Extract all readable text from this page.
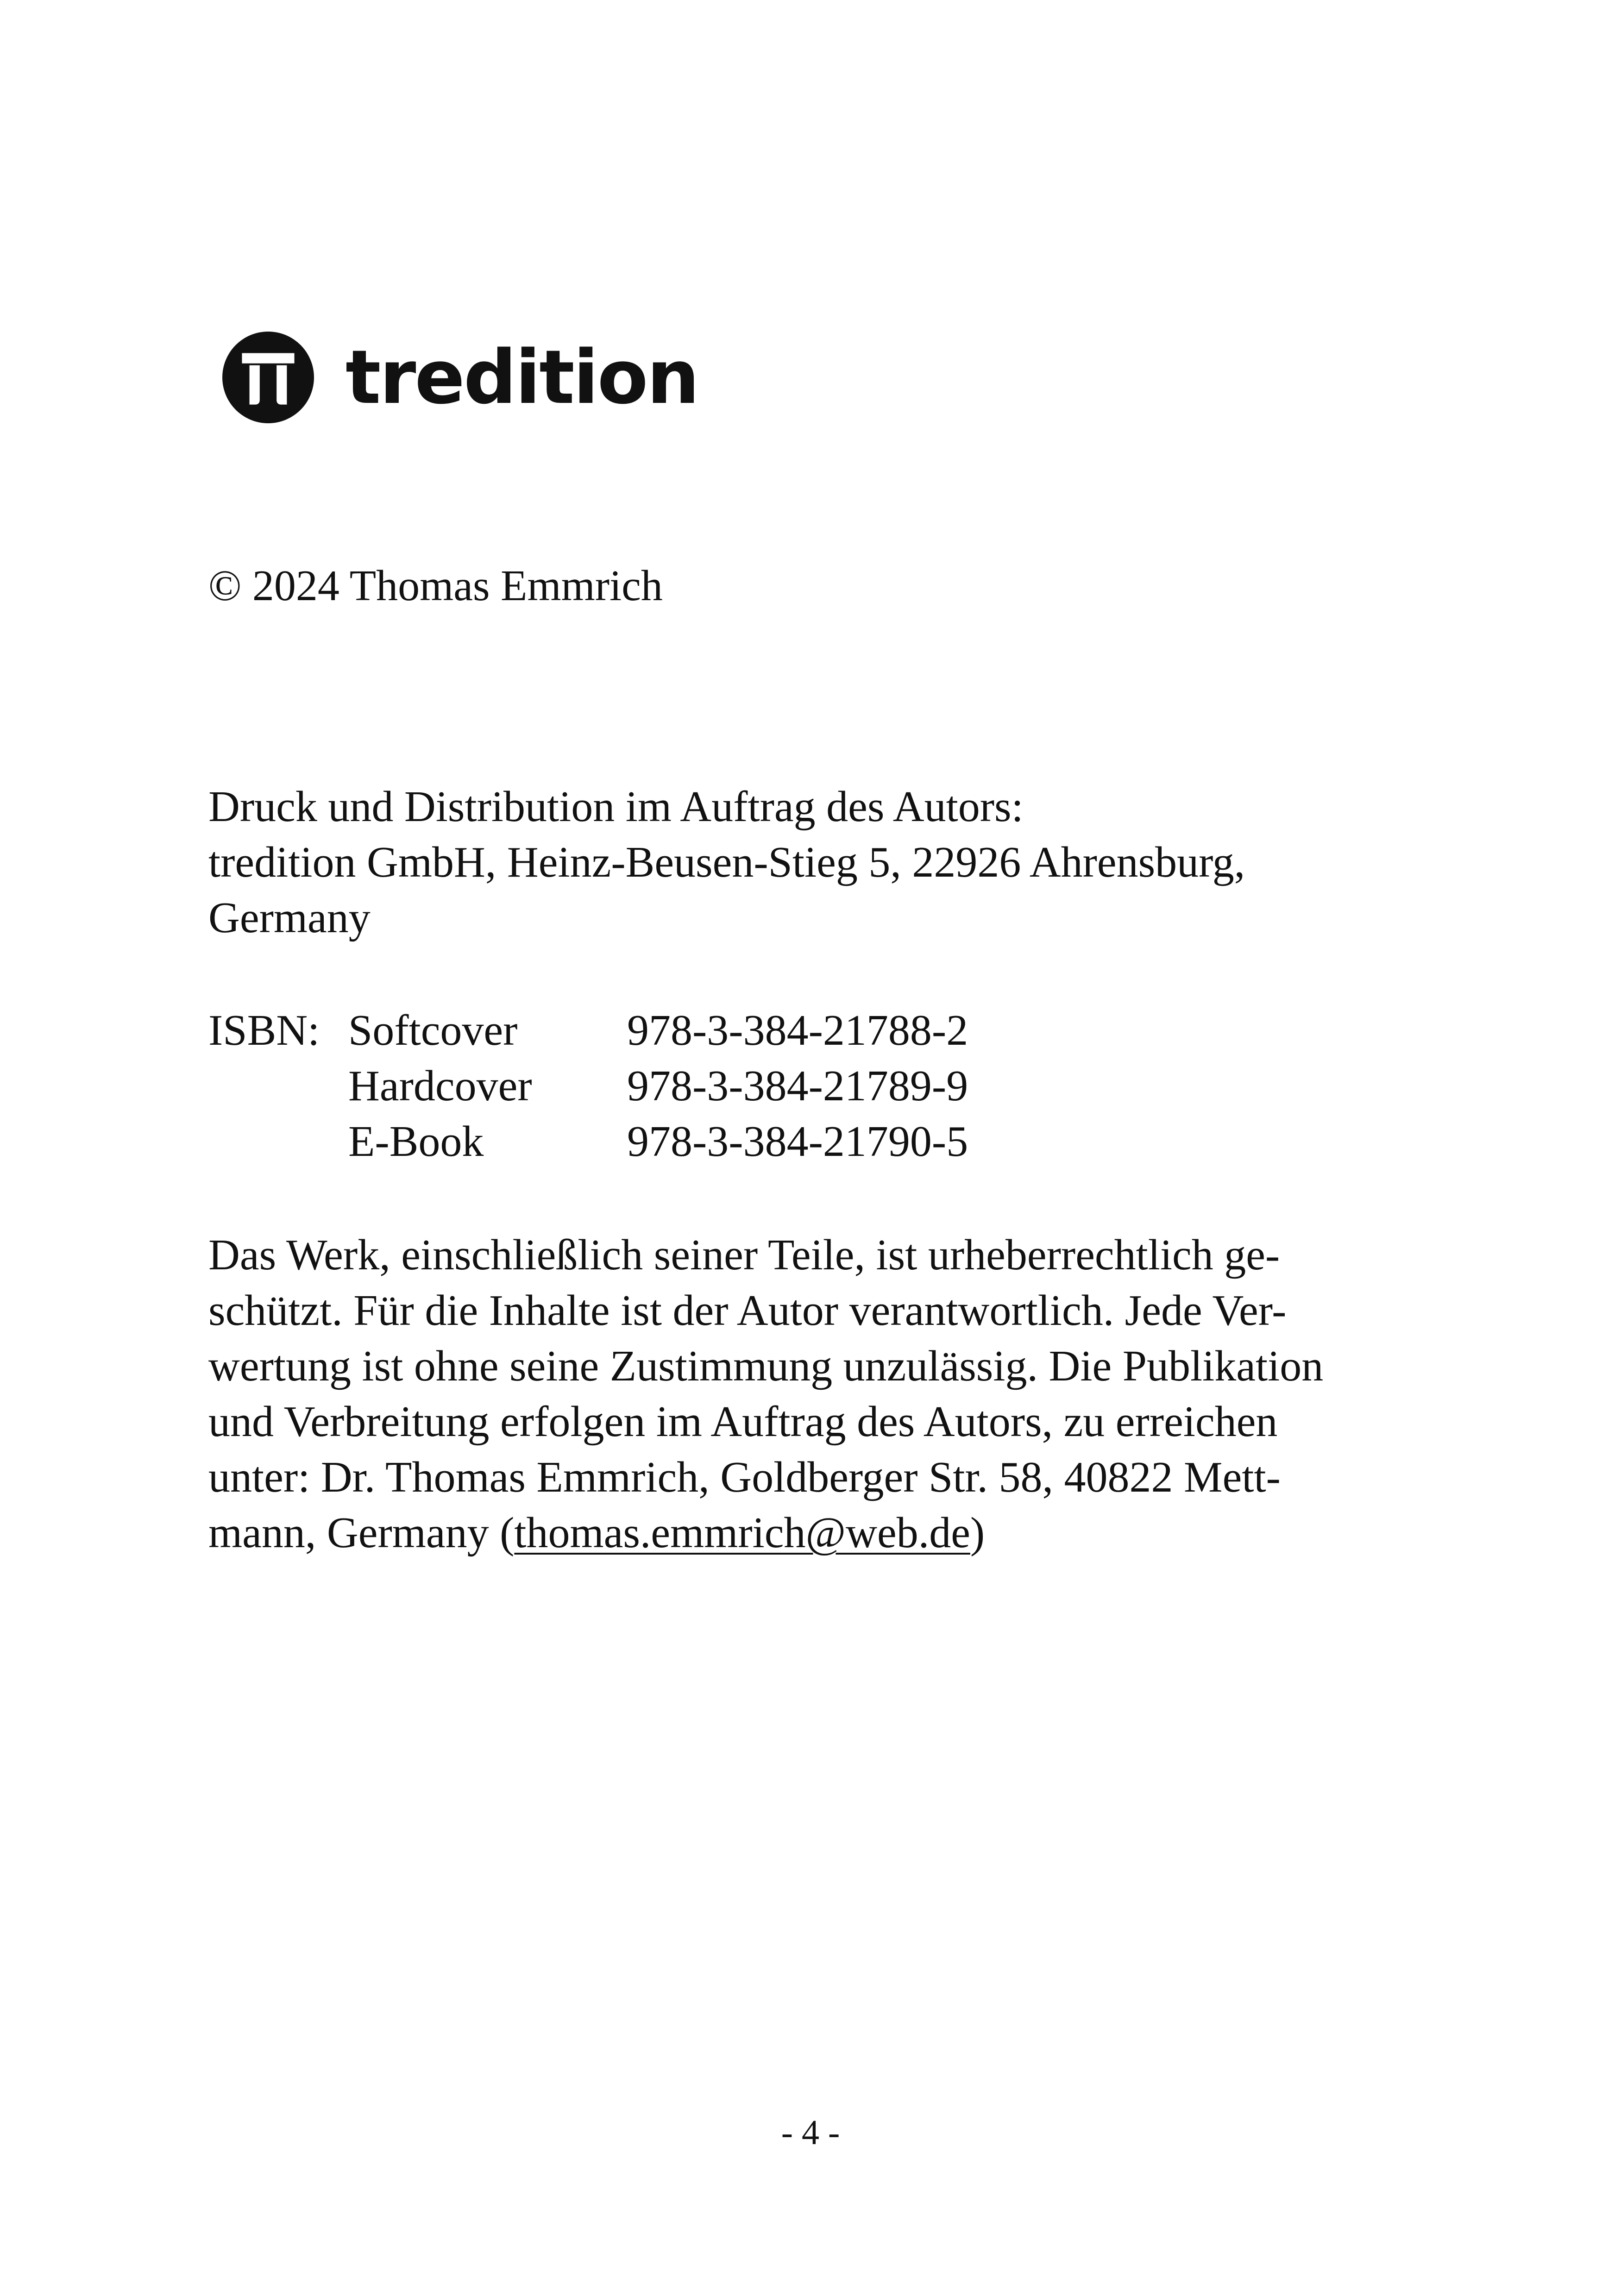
tredition

© 2024 Thomas Emmrich

Druck und Distribution im Auftrag des Autors:
tredition GmbH, Heinz-Beusen-Stieg 5, 22926 Ahrensburg,
Germany
ISBN: Softcover	978-3-384-21788-2
Hardcover	978-3-384-21789-9
E-Book	978-3-384-21790-5
Das Werk, einschließlich seiner Teile, ist urheberrechtlich ge-
schützt. Für die Inhalte ist der Autor verantwortlich. Jede Ver-
wertung ist ohne seine Zustimmung unzulässig. Die Publikation
und Verbreitung erfolgen im Auftrag des Autors, zu erreichen
unter: Dr. Thomas Emmrich, Goldberger Str. 58, 40822 Mett-
mann, Germany (thomas.emmrich@web.de)
- 4 -
